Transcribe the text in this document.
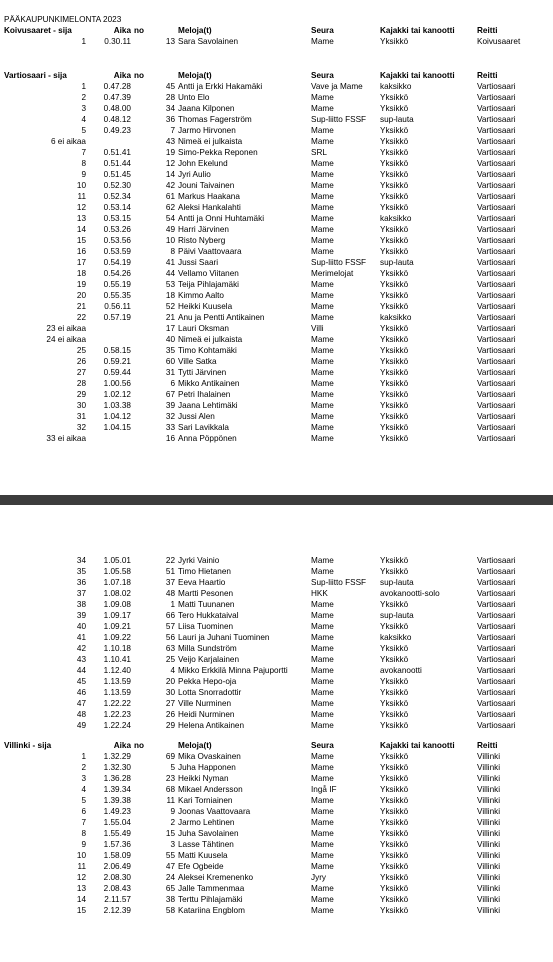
PÄÄKAUPUNKIMELONTA 2023
Koivusaaret - sija	Aika no	Meloja(t)	Seura	Kajakki tai kanootti	Reitti
1	0.30.11	13 Sara Savolainen	Mame	Yksikkö	Koivusaaret
Vartiosaari - sija	Aika no	Meloja(t)	Seura	Kajakki tai kanootti	Reitti
1	0.47.28	45 Antti ja Erkki Hakamäki	Vave ja Mame	kaksikko	Vartiosaari
2	0.47.39	28 Unto Elo	Mame	Yksikkö	Vartiosaari
3	0.48.00	34 Jaana Kilponen	Mame	Yksikkö	Vartiosaari
4	0.48.12	36 Thomas Fagerström	Sup-liitto FSSF	sup-lauta	Vartiosaari
5	0.49.23	7 Jarmo Hirvonen	Mame	Yksikkö	Vartiosaari
6 ei aikaa	43 Nimeä ei julkaista	Mame	Yksikkö	Vartiosaari
7	0.51.41	19 Simo-Pekka Reponen	SRL	Yksikkö	Vartiosaari
8	0.51.44	12 John Ekelund	Mame	Yksikkö	Vartiosaari
9	0.51.45	14 Jyri Aulio	Mame	Yksikkö	Vartiosaari
10	0.52.30	42 Jouni Taivainen	Mame	Yksikkö	Vartiosaari
11	0.52.34	61 Markus Haakana	Mame	Yksikkö	Vartiosaari
12	0.53.14	62 Aleksi Hankalahti	Mame	Yksikkö	Vartiosaari
13	0.53.15	54 Antti ja Onni Huhtamäki	Mame	kaksikko	Vartiosaari
14	0.53.26	49 Harri Järvinen	Mame	Yksikkö	Vartiosaari
15	0.53.56	10 Risto Nyberg	Mame	Yksikkö	Vartiosaari
16	0.53.59	8 Päivi Vaattovaara	Mame	Yksikkö	Vartiosaari
17	0.54.19	41 Jussi Saari	Sup-liitto FSSF	sup-lauta	Vartiosaari
18	0.54.26	44 Vellamo Viitanen	Merimelojat	Yksikkö	Vartiosaari
19	0.55.19	53 Teija Pihlajamäki	Mame	Yksikkö	Vartiosaari
20	0.55.35	18 Kimmo Aalto	Mame	Yksikkö	Vartiosaari
21	0.56.11	52 Heikki Kuusela	Mame	Yksikkö	Vartiosaari
22	0.57.19	21 Anu ja Pentti Antikainen	Mame	kaksikko	Vartiosaari
23 ei aikaa	17 Lauri Oksman	Villi	Yksikkö	Vartiosaari
24 ei aikaa	40 Nimeä ei julkaista	Mame	Yksikkö	Vartiosaari
25	0.58.15	35 Timo Kohtamäki	Mame	Yksikkö	Vartiosaari
26	0.59.21	60 Ville Satka	Mame	Yksikkö	Vartiosaari
27	0.59.44	31 Tytti Järvinen	Mame	Yksikkö	Vartiosaari
28	1.00.56	6 Mikko Antikainen	Mame	Yksikkö	Vartiosaari
29	1.02.12	67 Petri Ihalainen	Mame	Yksikkö	Vartiosaari
30	1.03.38	39 Jaana Lehtimäki	Mame	Yksikkö	Vartiosaari
31	1.04.12	32 Jussi Alen	Mame	Yksikkö	Vartiosaari
32	1.04.15	33 Sari Lavikkala	Mame	Yksikkö	Vartiosaari
33 ei aikaa	16 Anna Pöppönen	Mame	Yksikkö	Vartiosaari
34	1.05.01	22 Jyrki Vainio	Mame	Yksikkö	Vartiosaari
35	1.05.58	51 Timo Hietanen	Mame	Yksikkö	Vartiosaari
36	1.07.18	37 Eeva Haartio	Sup-liitto FSSF	sup-lauta	Vartiosaari
37	1.08.02	48 Martti Pesonen	HKK	avokanootti-solo	Vartiosaari
38	1.09.08	1 Matti Tuunanen	Mame	Yksikkö	Vartiosaari
39	1.09.17	66 Tero Hukkataival	Mame	sup-lauta	Vartiosaari
40	1.09.21	57 Liisa Tuominen	Mame	Yksikkö	Vartiosaari
41	1.09.22	56 Lauri ja Juhani Tuominen	Mame	kaksikko	Vartiosaari
42	1.10.18	63 Milla Sundström	Mame	Yksikkö	Vartiosaari
43	1.10.41	25 Veijo Karjalainen	Mame	Yksikkö	Vartiosaari
44	1.12.40	4 Mikko Erkkilä Minna Pajuportti	Mame	avokanootti	Vartiosaari
45	1.13.59	20 Pekka Hepo-oja	Mame	Yksikkö	Vartiosaari
46	1.13.59	30 Lotta Snorradottir	Mame	Yksikkö	Vartiosaari
47	1.22.22	27 Ville Nurminen	Mame	Yksikkö	Vartiosaari
48	1.22.23	26 Heidi Nurminen	Mame	Yksikkö	Vartiosaari
49	1.22.24	29 Helena Antikainen	Mame	Yksikkö	Vartiosaari
Villinki - sija	Aika no	Meloja(t)	Seura	Kajakki tai kanootti	Reitti
1	1.32.29	69 Mika Ovaskainen	Mame	Yksikkö	Villinki
2	1.32.30	5 Juha Happonen	Mame	Yksikkö	Villinki
3	1.36.28	23 Heikki Nyman	Mame	Yksikkö	Villinki
4	1.39.34	68 Mikael Andersson	Ingå IF	Yksikkö	Villinki
5	1.39.38	11 Kari Torniainen	Mame	Yksikkö	Villinki
6	1.49.23	9 Joonas Vaattovaara	Mame	Yksikkö	Villinki
7	1.55.04	2 Jarmo Lehtinen	Mame	Yksikkö	Villinki
8	1.55.49	15 Juha Savolainen	Mame	Yksikkö	Villinki
9	1.57.36	3 Lasse Tähtinen	Mame	Yksikkö	Villinki
10	1.58.09	55 Matti Kuusela	Mame	Yksikkö	Villinki
11	2.06.49	47 Efe Ogbeide	Mame	Yksikkö	Villinki
12	2.08.30	24 Aleksei Kremenenko	Jyry	Yksikkö	Villinki
13	2.08.43	65 Jalle Tammenmaa	Mame	Yksikkö	Villinki
14	2.11.57	38 Terttu Pihlajamäki	Mame	Yksikkö	Villinki
15	2.12.39	58 Katariina Engblom	Mame	Yksikkö	Villinki
